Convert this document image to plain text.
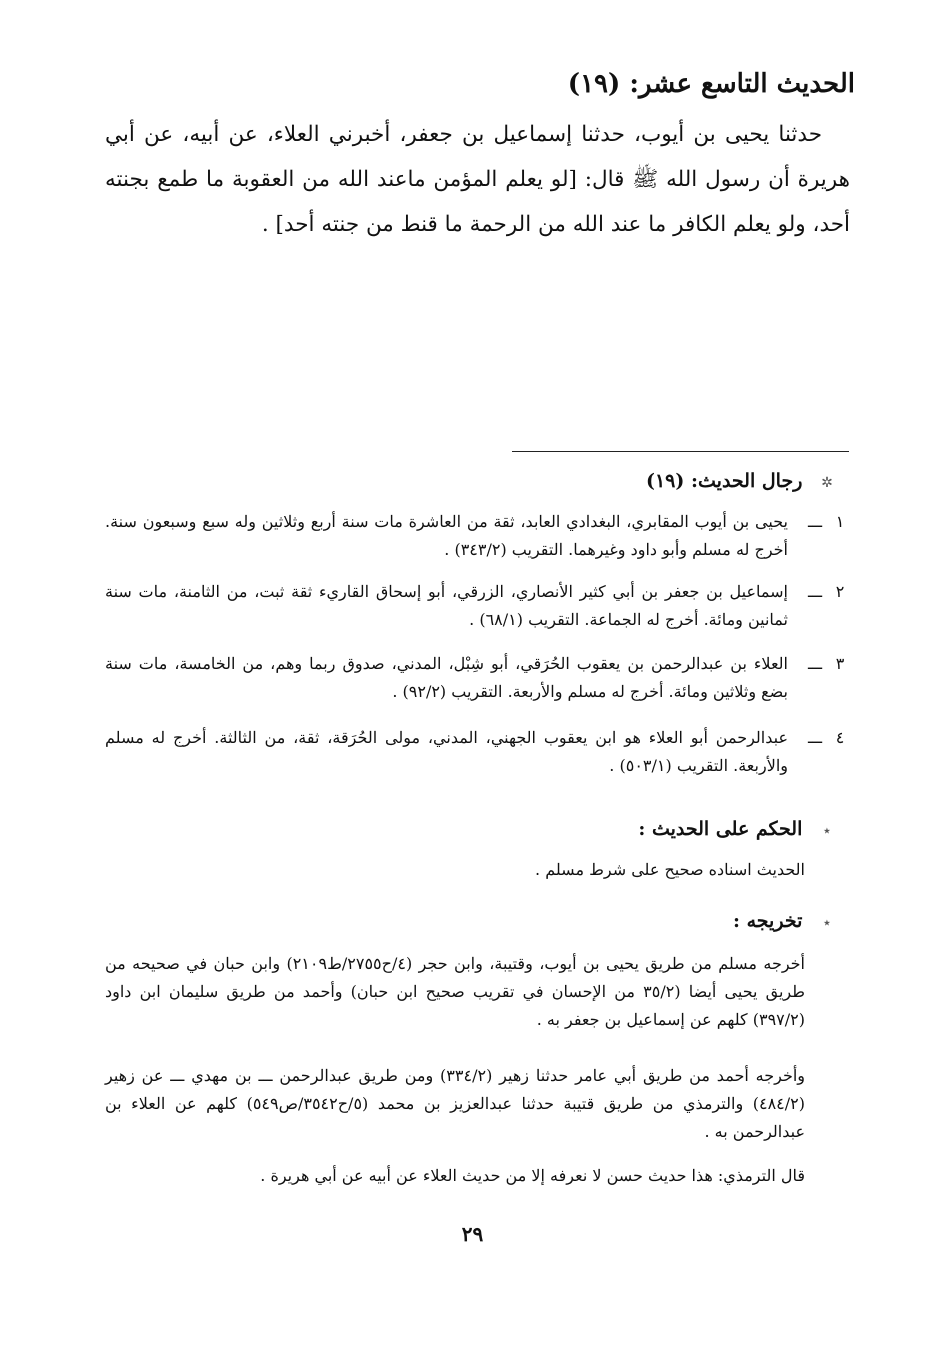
الحديث التاسع عشر: (١٩)

حدثنا يحيى بن أيوب، حدثنا إسماعيل بن جعفر، أخبرني العلاء، عن أبيه، عن أبي هريرة أن رسول الله ﷺ قال: [لو يعلم المؤمن ماعند الله من العقوبة ما طمع بجنته أحد، ولو يعلم الكافر ما عند الله من الرحمة ما قنط من جنته أحد] .

✲ رجال الحديث: (١٩)
١
ـــ
يحيى بن أيوب المقابري، البغدادي العابد، ثقة من العاشرة مات سنة أربع وثلاثين وله سبع وسبعون سنة. أخرج له مسلم وأبو داود وغيرهما. التقريب (٣٤٣/٢) .
٢
ـــ
إسماعيل بن جعفر بن أبي كثير الأنصاري، الزرقي، أبو إسحاق القاريء ثقة ثبت، من الثامنة، مات سنة ثمانين ومائة. أخرج له الجماعة. التقريب (٦٨/١) .
٣
ـــ
العلاء بن عبدالرحمن بن يعقوب الحُرَقي، أبو شِبْل، المدني، صدوق ربما وهم، من الخامسة، مات سنة بضع وثلاثين ومائة. أخرج له مسلم والأربعة. التقريب (٩٢/٢) .
٤
ـــ
عبدالرحمن أبو العلاء هو ابن يعقوب الجهني، المدني، مولى الحُرَقة، ثقة، من الثالثة. أخرج له مسلم والأربعة. التقريب (٥٠٣/١) .
٭ الحكم على الحديث :

الحديث اسناده صحيح على شرط مسلم .

٭ تخريجه :

أخرجه مسلم من طريق يحيى بن أيوب، وقتيبة، وابن حجر (٤/ح٢٧٥٥/ط٢١٠٩) وابن حبان في صحيحه من طريق يحيى أيضا (٣٥/٢ من الإحسان في تقريب صحيح ابن حبان) وأحمد من طريق سليمان ابن داود (٣٩٧/٢) كلهم عن إسماعيل بن جعفر به .

وأخرجه أحمد من طريق أبي عامر حدثنا زهير (٣٣٤/٢) ومن طريق عبدالرحمن ـــ بن مهدي ـــ عن زهير (٤٨٤/٢) والترمذي من طريق قتيبة حدثنا عبدالعزيز بن محمد (٥/ح٣٥٤٢/ص٥٤٩) كلهم عن العلاء بن عبدالرحمن به .

قال الترمذي: هذا حديث حسن لا نعرفه إلا من حديث العلاء عن أبيه عن أبي هريرة .

٢٩
